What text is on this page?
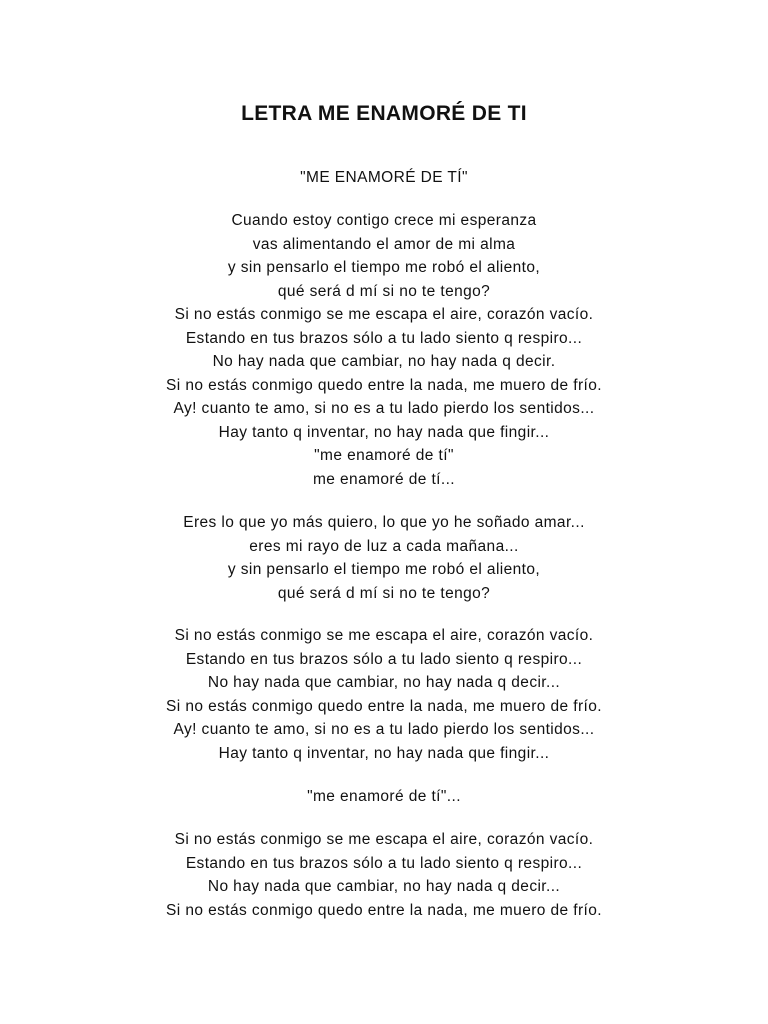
LETRA ME ENAMORÉ DE TI
"ME ENAMORÉ DE TÍ"
Cuando estoy contigo crece mi esperanza
vas alimentando el amor de mi alma
y sin pensarlo el tiempo me robó el aliento,
qué será d mí si no te tengo?
Si no estás conmigo se me escapa el aire, corazón vacío.
Estando en tus brazos sólo a tu lado siento q respiro...
No hay nada que cambiar, no hay nada q decir.
Si no estás conmigo quedo entre la nada, me muero de frío.
Ay! cuanto te amo, si no es a tu lado pierdo los sentidos...
Hay tanto q inventar, no hay nada que fingir...
"me enamoré de tí"
me enamoré de tí...
Eres lo que yo más quiero, lo que yo he soñado amar...
eres mi rayo de luz a cada mañana...
y sin pensarlo el tiempo me robó el aliento,
qué será d mí si no te tengo?
Si no estás conmigo se me escapa el aire, corazón vacío.
Estando en tus brazos sólo a tu lado siento q respiro...
No hay nada que cambiar, no hay nada q decir...
Si no estás conmigo quedo entre la nada, me muero de frío.
Ay! cuanto te amo, si no es a tu lado pierdo los sentidos...
Hay tanto q inventar, no hay nada que fingir...
"me enamoré de tí"...
Si no estás conmigo se me escapa el aire, corazón vacío.
Estando en tus brazos sólo a tu lado siento q respiro...
No hay nada que cambiar, no hay nada q decir...
Si no estás conmigo quedo entre la nada, me muero de frío.
